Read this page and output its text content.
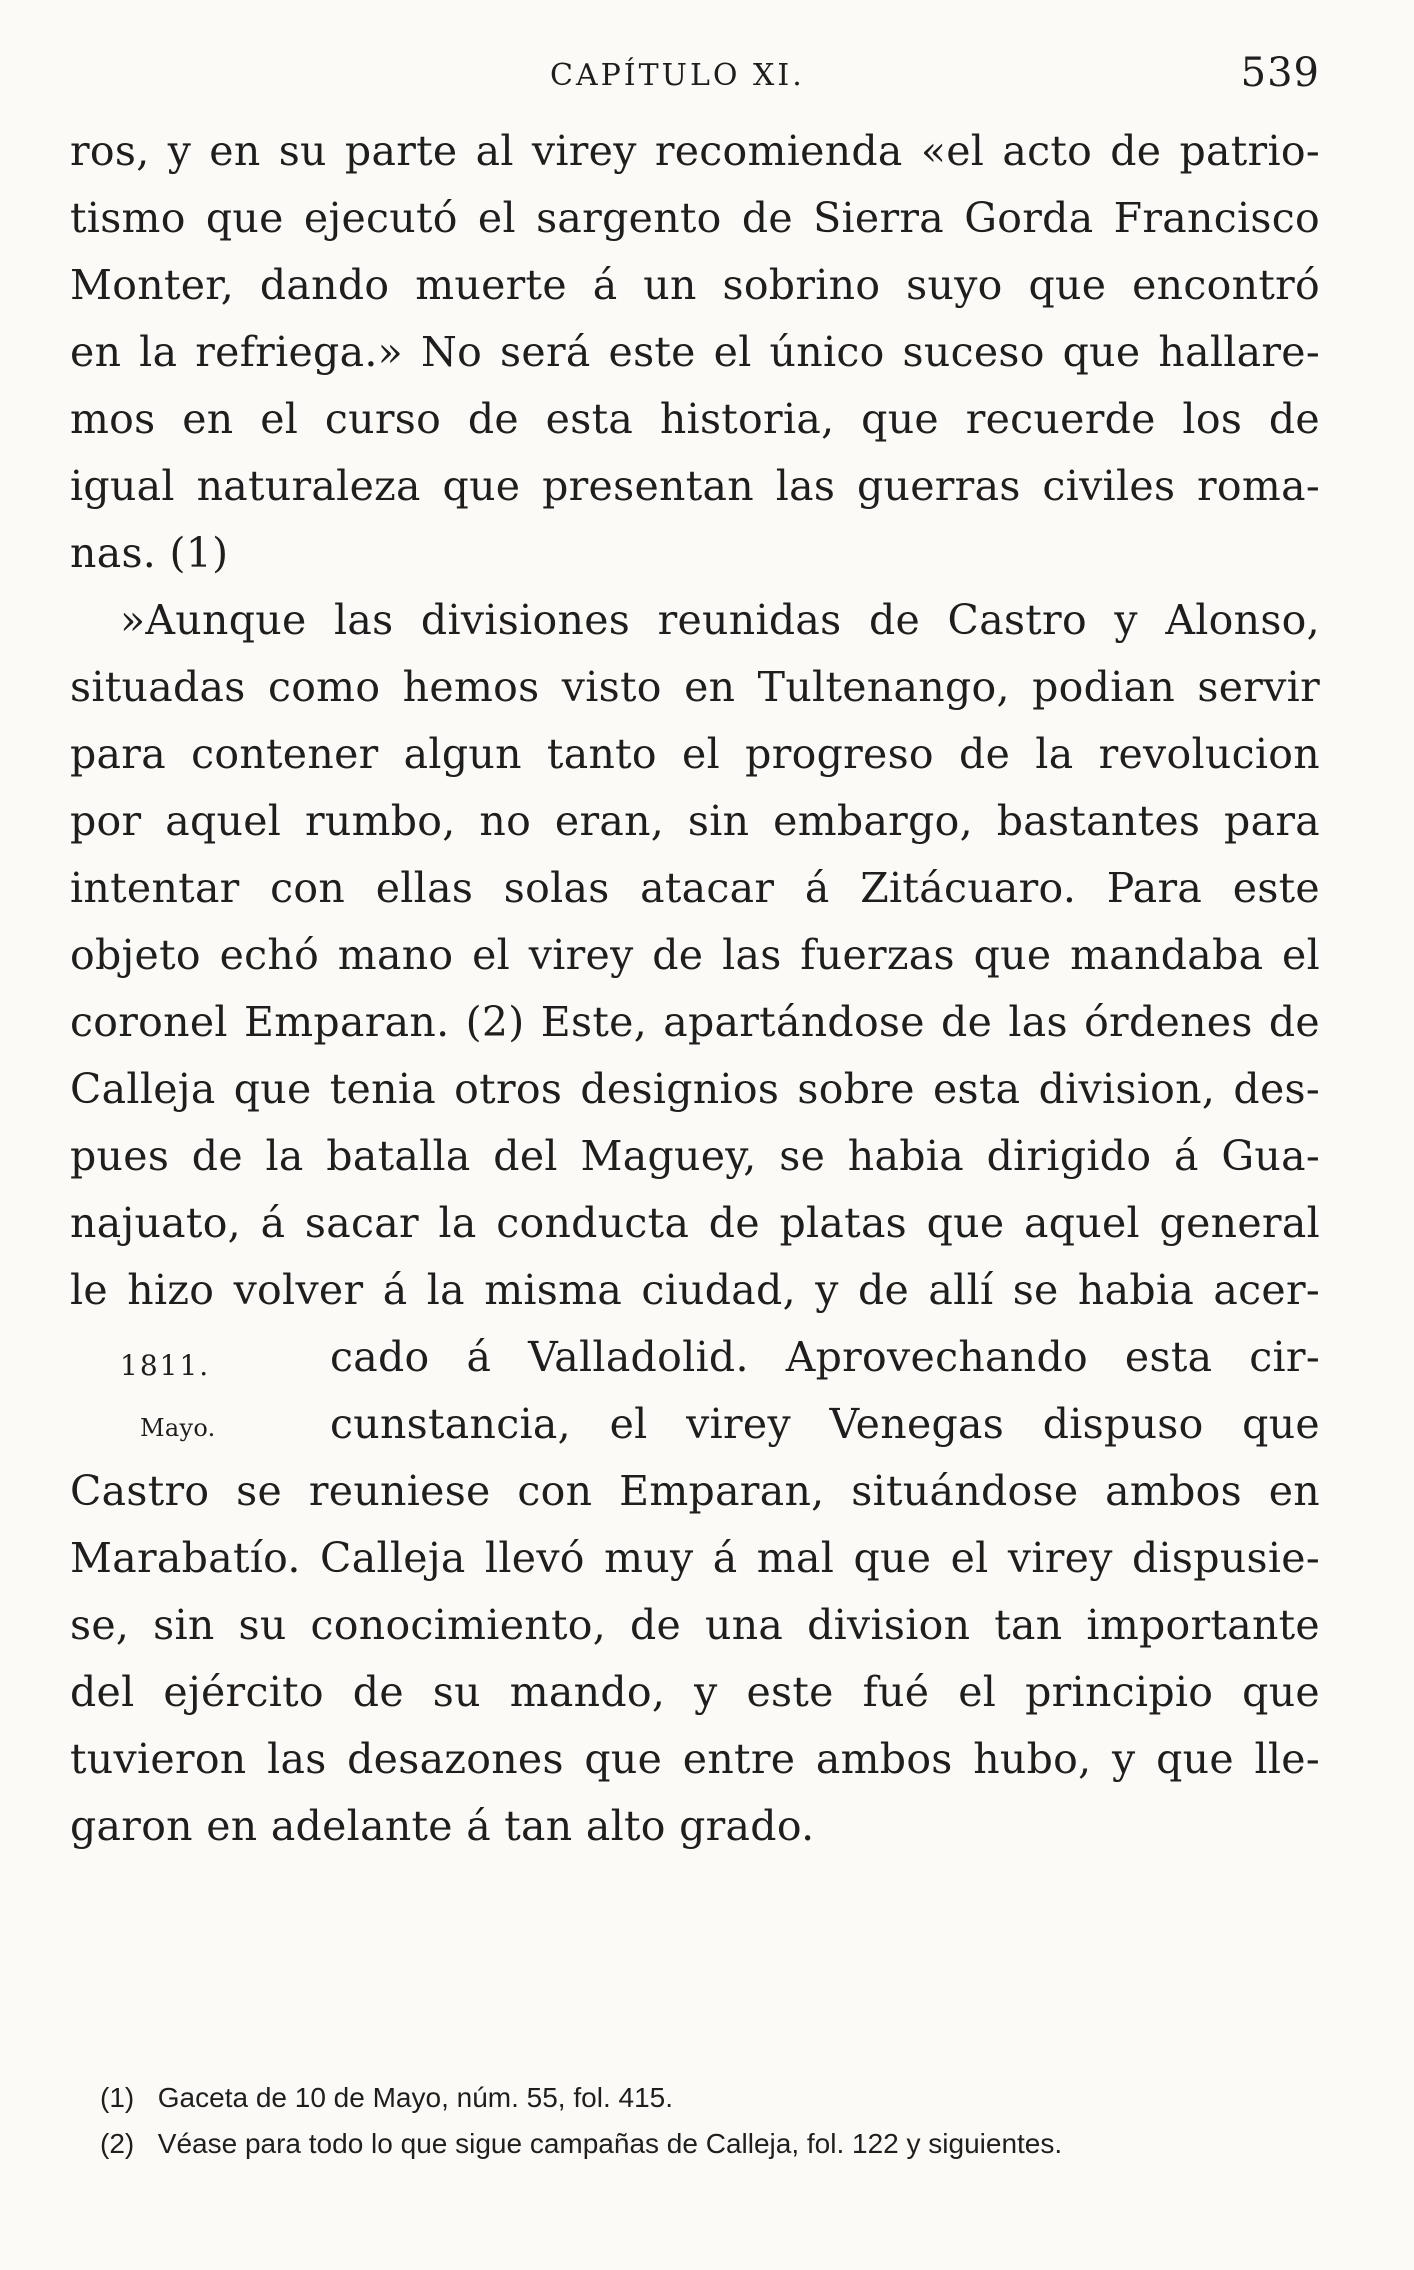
CAPÍTULO XI.	539
ros, y en su parte al virey recomienda «el acto de patrio-
tismo que ejecutó el sargento de Sierra Gorda Francisco
Monter, dando muerte á un sobrino suyo que encontró
en la refriega.» No será este el único suceso que hallare-
mos en el curso de esta historia, que recuerde los de
igual naturaleza que presentan las guerras civiles roma-
nas. (1)
»Aunque las divisiones reunidas de Castro y Alonso,
situadas como hemos visto en Tultenango, podian servir
para contener algun tanto el progreso de la revolucion
por aquel rumbo, no eran, sin embargo, bastantes para
intentar con ellas solas atacar á Zitácuaro. Para este
objeto echó mano el virey de las fuerzas que mandaba el
coronel Emparan. (2) Este, apartándose de las órdenes de
Calleja que tenia otros designios sobre esta division, des-
pues de la batalla del Maguey, se habia dirigido á Gua-
najuato, á sacar la conducta de platas que aquel general
le hizo volver á la misma ciudad, y de allí se habia acer-
1811.	cado á Valladolid. Aprovechando esta cir-
Mayo.	cunstancia, el virey Venegas dispuso que
Castro se reuniese con Emparan, situándose ambos en
Marabatío. Calleja llevó muy á mal que el virey dispusie-
se, sin su conocimiento, de una division tan importante
del ejército de su mando, y este fué el principio que
tuvieron las desazones que entre ambos hubo, y que lle-
garon en adelante á tan alto grado.
(1) Gaceta de 10 de Mayo, núm. 55, fol. 415.
(2) Véase para todo lo que sigue campañas de Calleja, fol. 122 y siguientes.
